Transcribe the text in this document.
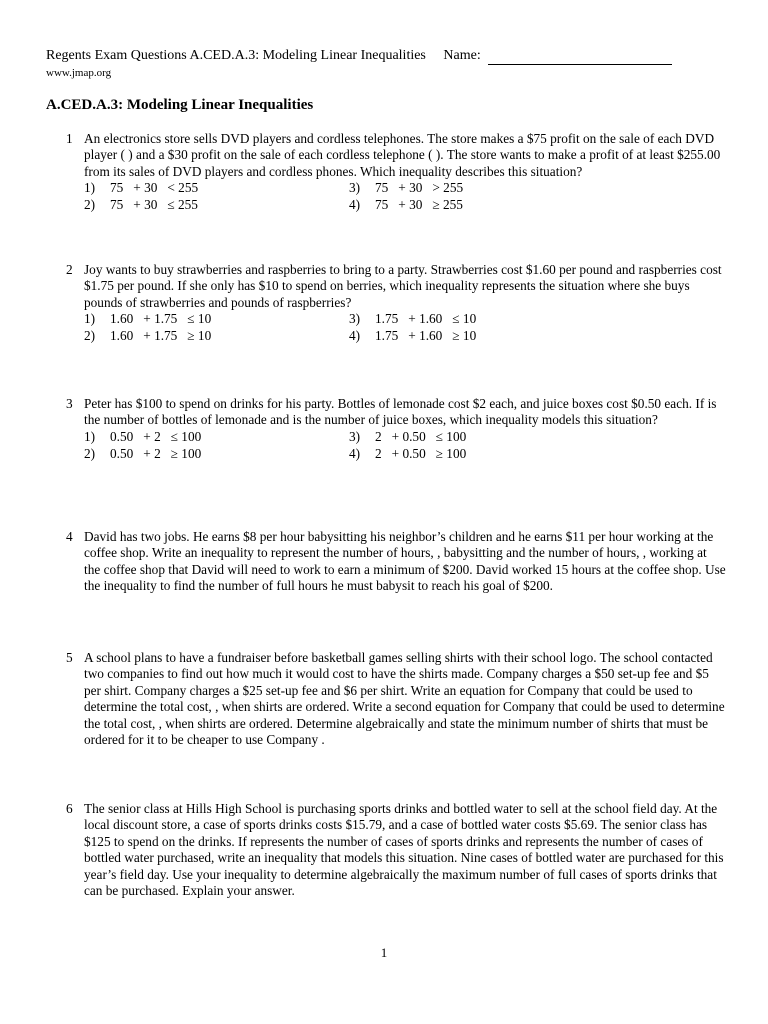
Regents Exam Questions A.CED.A.3: Modeling Linear Inequalities Name:
www.jmap.org
A.CED.A.3: Modeling Linear Inequalities
1 An electronics store sells DVD players and cordless telephones. The store makes a $75 profit on the sale of each DVD player ( ) and a $30 profit on the sale of each cordless telephone ( ). The store wants to make a profit of at least $255.00 from its sales of DVD players and cordless phones. Which inequality describes this situation?
1) 75   + 30   < 255
2) 75   + 30   ≤ 255
3) 75   + 30   > 255
4) 75   + 30   ≥ 255
2 Joy wants to buy strawberries and raspberries to bring to a party. Strawberries cost $1.60 per pound and raspberries cost $1.75 per pound. If she only has $10 to spend on berries, which inequality represents the situation where she buys pounds of strawberries and pounds of raspberries?
1) 1.60   + 1.75   ≤ 10
2) 1.60   + 1.75   ≥ 10
3) 1.75   + 1.60   ≤ 10
4) 1.75   + 1.60   ≥ 10
3 Peter has $100 to spend on drinks for his party. Bottles of lemonade cost $2 each, and juice boxes cost $0.50 each. If is the number of bottles of lemonade and is the number of juice boxes, which inequality models this situation?
1) 0.50   + 2   ≤ 100
2) 0.50   + 2   ≥ 100
3) 2   + 0.50   ≤ 100
4) 2   + 0.50   ≥ 100
4 David has two jobs. He earns $8 per hour babysitting his neighbor’s children and he earns $11 per hour working at the coffee shop. Write an inequality to represent the number of hours, , babysitting and the number of hours, , working at the coffee shop that David will need to work to earn a minimum of $200. David worked 15 hours at the coffee shop. Use the inequality to find the number of full hours he must babysit to reach his goal of $200.
5 A school plans to have a fundraiser before basketball games selling shirts with their school logo. The school contacted two companies to find out how much it would cost to have the shirts made. Company charges a $50 set-up fee and $5 per shirt. Company charges a $25 set-up fee and $6 per shirt. Write an equation for Company that could be used to determine the total cost, , when shirts are ordered. Write a second equation for Company that could be used to determine the total cost, , when shirts are ordered. Determine algebraically and state the minimum number of shirts that must be ordered for it to be cheaper to use Company .
6 The senior class at Hills High School is purchasing sports drinks and bottled water to sell at the school field day. At the local discount store, a case of sports drinks costs $15.79, and a case of bottled water costs $5.69. The senior class has $125 to spend on the drinks. If represents the number of cases of sports drinks and represents the number of cases of bottled water purchased, write an inequality that models this situation. Nine cases of bottled water are purchased for this year’s field day. Use your inequality to determine algebraically the maximum number of full cases of sports drinks that can be purchased. Explain your answer.
1
